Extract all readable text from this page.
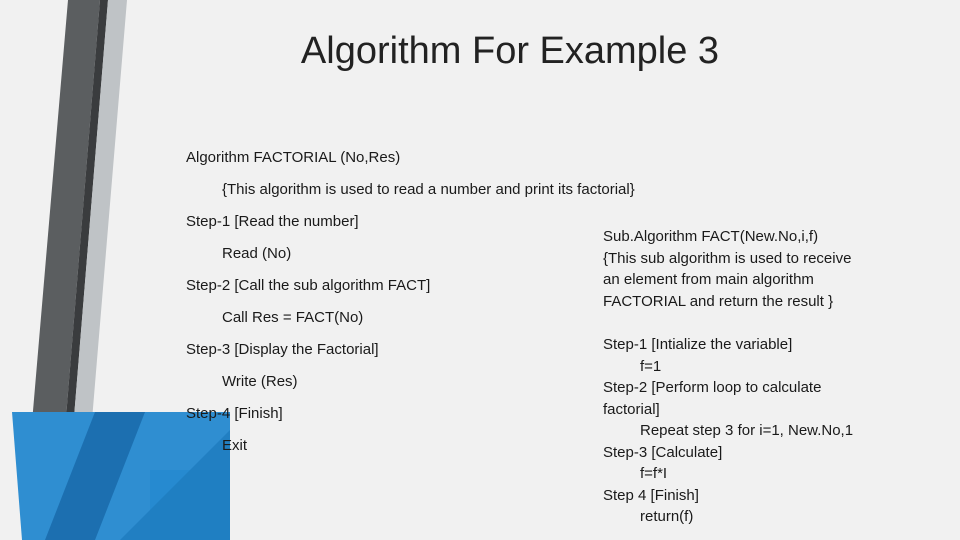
Algorithm For Example 3
Algorithm FACTORIAL (No,Res)
{This algorithm is used to read a number and print its factorial}
Step-1 [Read the number]
Read (No)
Step-2 [Call the sub algorithm FACT]
Call Res = FACT(No)
Step-3 [Display the Factorial]
Write (Res)
Step-4 [Finish]
Exit
Sub.Algorithm FACT(New.No,i,f)
{This sub algorithm is used to receive
an element from main algorithm
FACTORIAL and return the result }
Step-1 [Intialize the variable]
f=1
Step-2 [Perform loop to calculate
factorial]
Repeat step 3 for i=1, New.No,1
Step-3 [Calculate]
f=f*I
Step 4 [Finish]
return(f)
